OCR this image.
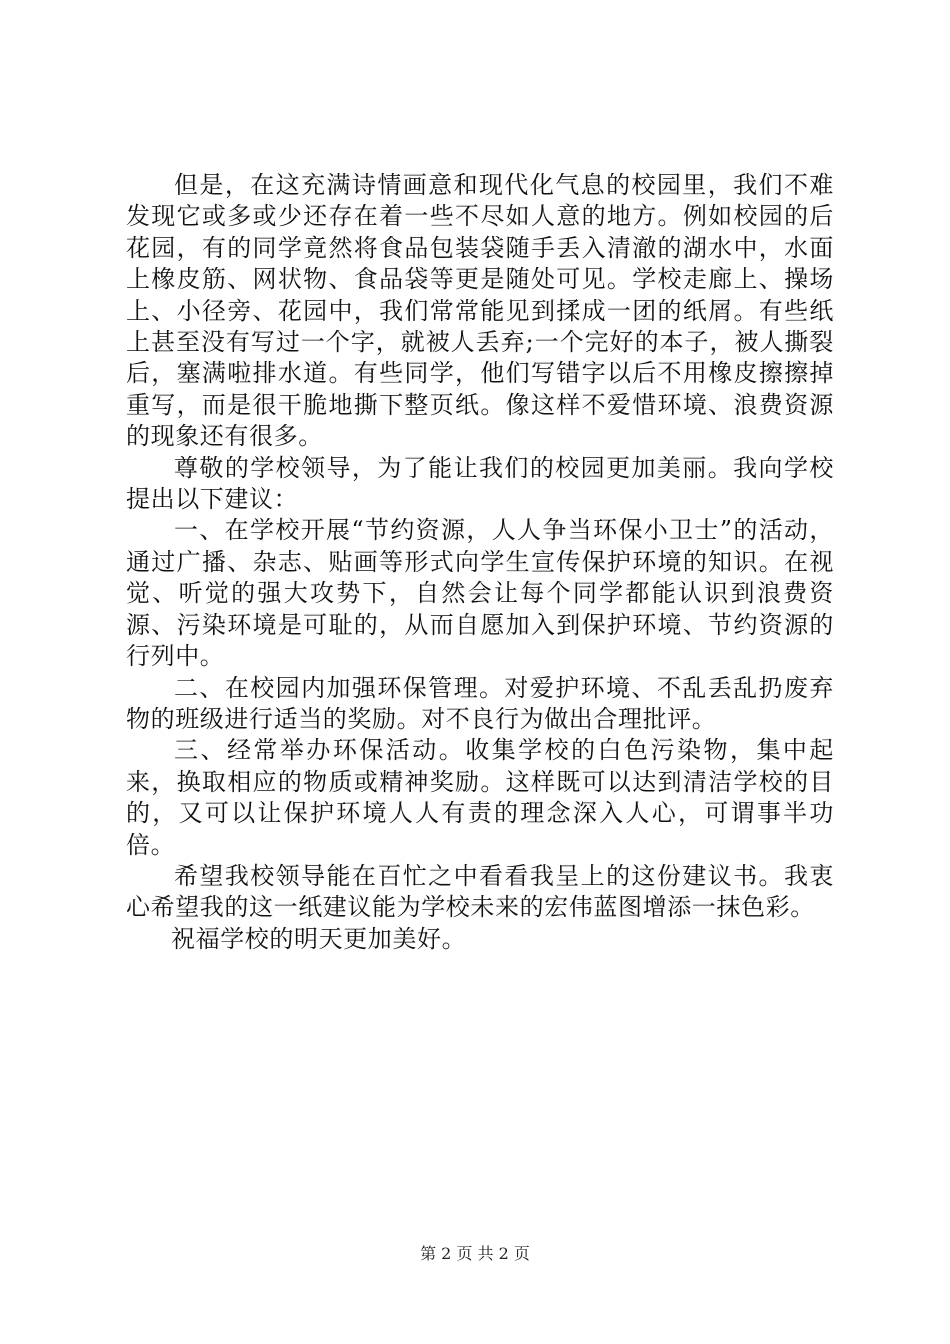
但是，在这充满诗情画意和现代化气息的校园里，我们不难发现它或多或少还存在着一些不尽如人意的地方。例如校园的后花园，有的同学竟然将食品包装袋随手丢入清澈的湖水中，水面上橡皮筋、网状物、食品袋等更是随处可见。学校走廊上、操场上、小径旁、花园中，我们常常能见到揉成一团的纸屑。有些纸上甚至没有写过一个字，就被人丢弃;一个完好的本子，被人撕裂后，塞满啦排水道。有些同学，他们写错字以后不用橡皮擦擦掉重写，而是很干脆地撕下整页纸。像这样不爱惜环境、浪费资源的现象还有很多。

尊敬的学校领导，为了能让我们的校园更加美丽。我向学校提出以下建议：

一、在学校开展“节约资源，人人争当环保小卫士”的活动，通过广播、杂志、贴画等形式向学生宣传保护环境的知识。在视觉、听觉的强大攻势下，自然会让每个同学都能认识到浪费资源、污染环境是可耻的，从而自愿加入到保护环境、节约资源的行列中。

二、在校园内加强环保管理。对爱护环境、不乱丢乱扔废弃物的班级进行适当的奖励。对不良行为做出合理批评。

三、经常举办环保活动。收集学校的白色污染物，集中起来，换取相应的物质或精神奖励。这样既可以达到清洁学校的目的，又可以让保护环境人人有责的理念深入人心，可谓事半功倍。

希望我校领导能在百忙之中看看我呈上的这份建议书。我衷心希望我的这一纸建议能为学校未来的宏伟蓝图增添一抹色彩。

祝福学校的明天更加美好。

第 2 页 共 2 页
